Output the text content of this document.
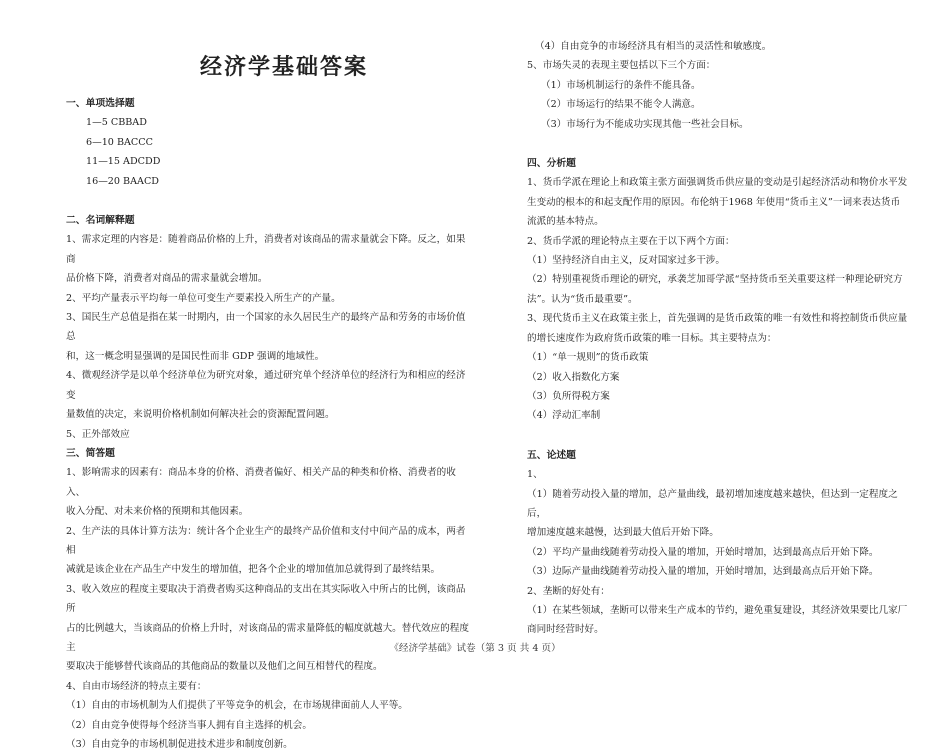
经济学基础答案
一、单项选择题
1—5 CBBAD
6—10 BACCC
11—15 ADCDD
16—20 BAACD
二、名词解释题
1、需求定理的内容是：随着商品价格的上升，消费者对该商品的需求量就会下降。反之，如果商
品价格下降，消费者对商品的需求量就会增加。
2、平均产量表示平均每一单位可变生产要素投入所生产的产量。
3、国民生产总值是指在某一时期内，由一个国家的永久居民生产的最终产品和劳务的市场价值总
和，这一概念明显强调的是国民性而非 GDP 强调的地域性。
4、微观经济学是以单个经济单位为研究对象，通过研究单个经济单位的经济行为和相应的经济变
量数值的决定，来说明价格机制如何解决社会的资源配置问题。
5、正外部效应
三、简答题
1、影响需求的因素有：商品本身的价格、消费者偏好、相关产品的种类和价格、消费者的收入、
收入分配、对未来价格的预期和其他因素。
2、生产法的具体计算方法为：统计各个企业生产的最终产品价值和支付中间产品的成本，两者相
减就是该企业在产品生产中发生的增加值，把各个企业的增加值加总就得到了最终结果。
3、收入效应的程度主要取决于消费者购买这种商品的支出在其实际收入中所占的比例，该商品所
占的比例越大，当该商品的价格上升时，对该商品的需求量降低的幅度就越大。替代效应的程度主
要取决于能够替代该商品的其他商品的数量以及他们之间互相替代的程度。
4、自由市场经济的特点主要有：
（1）自由的市场机制为人们提供了平等竞争的机会，在市场规律面前人人平等。
（2）自由竞争使得每个经济当事人拥有自主选择的机会。
（3）自由竞争的市场机制促进技术进步和制度创新。
（4）自由竞争的市场经济具有相当的灵活性和敏感度。
5、市场失灵的表现主要包括以下三个方面：
（1）市场机制运行的条件不能具备。
（2）市场运行的结果不能令人满意。
（3）市场行为不能成功实现其他一些社会目标。
四、分析题
1、货币学派在理论上和政策主张方面强调货币供应量的变动是引起经济活动和物价水平发
生变动的根本的和起支配作用的原因。布伦纳于1968 年使用“货币主义”一词来表达货币
流派的基本特点。
2、货币学派的理论特点主要在于以下两个方面：
（1）坚持经济自由主义，反对国家过多干涉。
（2）特别重视货币理论的研究，承袭芝加哥学派“坚持货币至关重要这样一种理论研究方
法”。认为“货币最重要”。
3、现代货币主义在政策主张上，首先强调的是货币政策的唯一有效性和将控制货币供应量
的增长速度作为政府货币政策的唯一目标。其主要特点为：
（1）“单一规则”的货币政策
（2）收入指数化方案
（3）负所得税方案
（4）浮动汇率制
五、论述题
1、
（1）随着劳动投入量的增加，总产量曲线，最初增加速度越来越快，但达到一定程度之后，
增加速度越来越慢，达到最大值后开始下降。
（2）平均产量曲线随着劳动投入量的增加，开始时增加，达到最高点后开始下降。
（3）边际产量曲线随着劳动投入量的增加，开始时增加，达到最高点后开始下降。
2、垄断的好处有：
（1）在某些领域，垄断可以带来生产成本的节约，避免重复建设，其经济效果要比几家厂
商同时经营时好。
《经济学基础》试卷（第 3 页 共 4 页）
